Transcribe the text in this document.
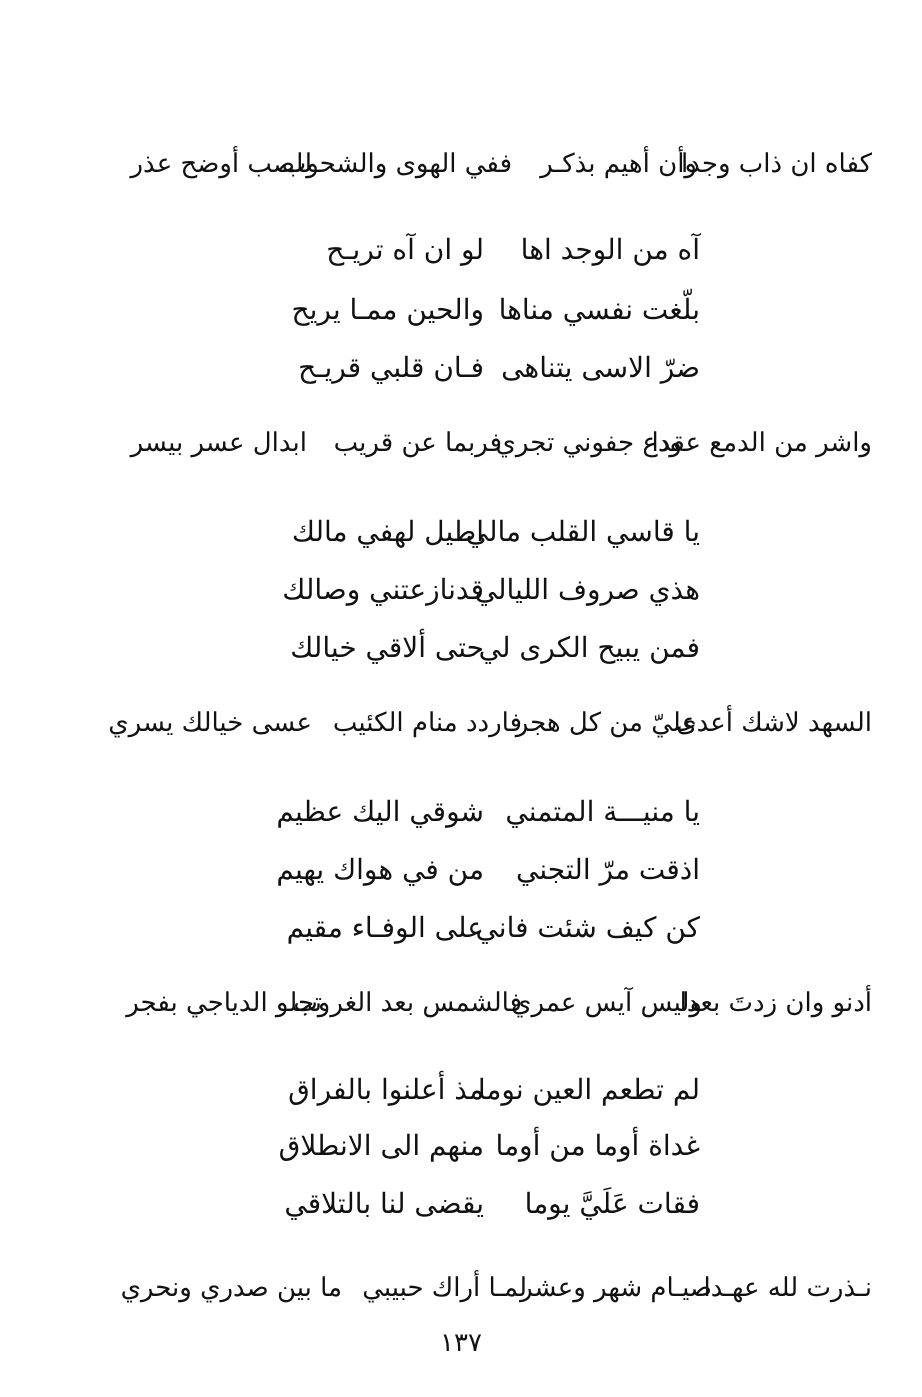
كفاه ان ذاب وجدا
وأن أهيم بذكـر
ففي الهوى والشحوب
للصب أوضح عذر
آه من الوجد اها
لو ان آه تريـح
بلّغت نفسي مناها
والحين ممـا يريح
ضرّ الاسى يتناهى
فـان قلبي قريـح
واشر من الدمع عقدا
ودع جفوني تجري
فربما عن قريب
ابدال عسر بيسر
يا قاسي القلب مالي
اطيل لهفي مالك
هذي صروف الليالي
قدنازعتني وصالك
فمن يبيح الكرى لي
حتى ألاقي خيالك
السهد لاشك أعدى
عليّ من كل هجر
فاردد منام الكئيب
عسى خيالك يسري
يا منيـــة المتمني
شوقي اليك عظيم
اذقت مرّ التجني
من في هواك يهيم
كن كيف شئت فاني
على الوفـاء مقيم
أدنو وان زدتَ بعدا
وليس آيس عمري
فالشمس بعد الغروب
تجلو الدياجي بفجر
لم تطعم العين نوما
مذ أعلنوا بالفراق
غداة أوما من أوما
منهم الى الانطلاق
فقات عَلَيَّ يوما
يقضى لنا بالتلاقي
نـذرت لله عهـدا
صيـام شهر وعشر
لمـا أراك حبيبي
ما بين صدري ونحري
١٣٧
